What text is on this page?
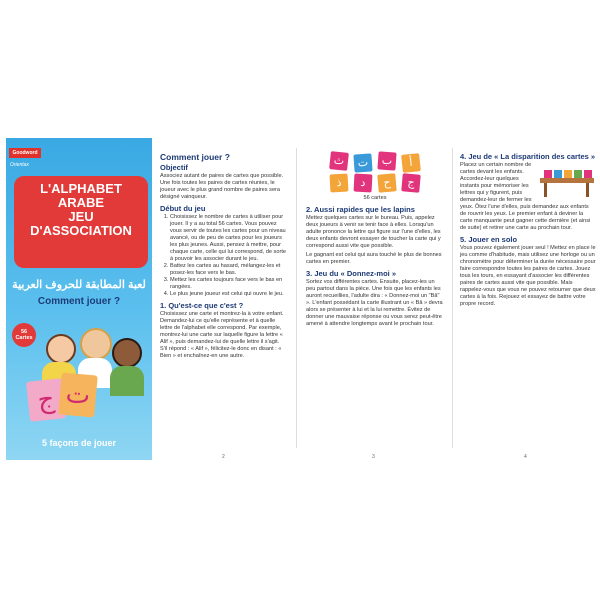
Goodword
Orientax
L'ALPHABET
ARABE
JEU
D'ASSOCIATION
لعبة المطابقة للحروف العربية
Comment jouer ?
56
Cartes
ج ت
5 façons de jouer
Comment jouer ?
Objectif

Associez autant de paires de cartes que possible. Une fois toutes les paires de cartes réunies, le joueur avec le plus grand nombre de paires sera désigné vainqueur.

Début du jeu
1. Choisissez le nombre de cartes à utiliser pour jouer. Il y a au total 56 cartes. Vous pouvez vous servir de toutes les cartes pour un niveau avancé, ou de peu de cartes pour les joueurs les plus jeunes. Aussi, pensez à mettre, pour chaque carte, celle qui lui correspond, de sorte à pouvoir les associer durant le jeu.
2. Battez les cartes au hasard, mélangez-les et posez-les face vers le bas.
3. Mettez les cartes toujours face vers le bas en rangées.
4. Le plus jeune joueur est celui qui ouvre le jeu.
1. Qu'est-ce que c'est ?

Choisissez une carte et montrez-la à votre enfant. Demandez-lui ce qu'elle représente et à quelle lettre de l'alphabet elle correspond. Par exemple, montrez-lui une carte sur laquelle figure la lettre « Alif », puis demandez-lui de quelle lettre il s'agit. S'il répond : « Alif », félicitez-le donc en disant : « Bien » et enchaînez-en une autre.

2
أ
ب
ت
ث
ج
ح
د
ذ

56 cartes

2. Aussi rapides que les lapins

Mettez quelques cartes sur le bureau. Puis, appelez deux joueurs à venir se tenir face à elles. Lorsqu'un adulte prononce la lettre qui figure sur l'une d'elles, les deux enfants devront essayer de toucher la carte qui y correspond aussi vite que possible.

Le gagnant est celui qui aura touché le plus de bonnes cartes en premier.

3. Jeu du « Donnez-moi »

Sortez vos différentes cartes. Ensuite, placez-les un peu partout dans la pièce. Une fois que les enfants les auront recueillies, l'adulte dira : « Donnez-moi un "Bâ" ». L'enfant possédant la carte illustrant un « Bâ » devra alors se présenter à lui et la lui remettre. Évitez de donner une mauvaise réponse ou vous serez peut-être amené à attendre longtemps avant le prochain tour.

3
4. Jeu de « La disparition des cartes »

Placez un certain nombre de cartes devant les enfants. Accordez-leur quelques instants pour mémoriser les lettres qui y figurent, puis demandez-leur de fermer les yeux. Ôtez l'une d'elles, puis demandez aux enfants de rouvrir les yeux. Le premier enfant à deviner la carte manquante peut gagner cette dernière (et ainsi de suite) et retirer une carte au prochain tour.

5. Jouer en solo

Vous pouvez également jouer seul ! Mettez en place le jeu comme d'habitude, mais utilisez une horloge ou un chronomètre pour déterminer la durée nécessaire pour faire correspondre toutes les paires de cartes. Jouez tous les tours, en essayant d'associer les différentes paires de cartes aussi vite que possible. Mais rappelez-vous que vous ne pouvez retourner que deux cartes à la fois. Rejouez et essayez de battre votre propre record.

4
